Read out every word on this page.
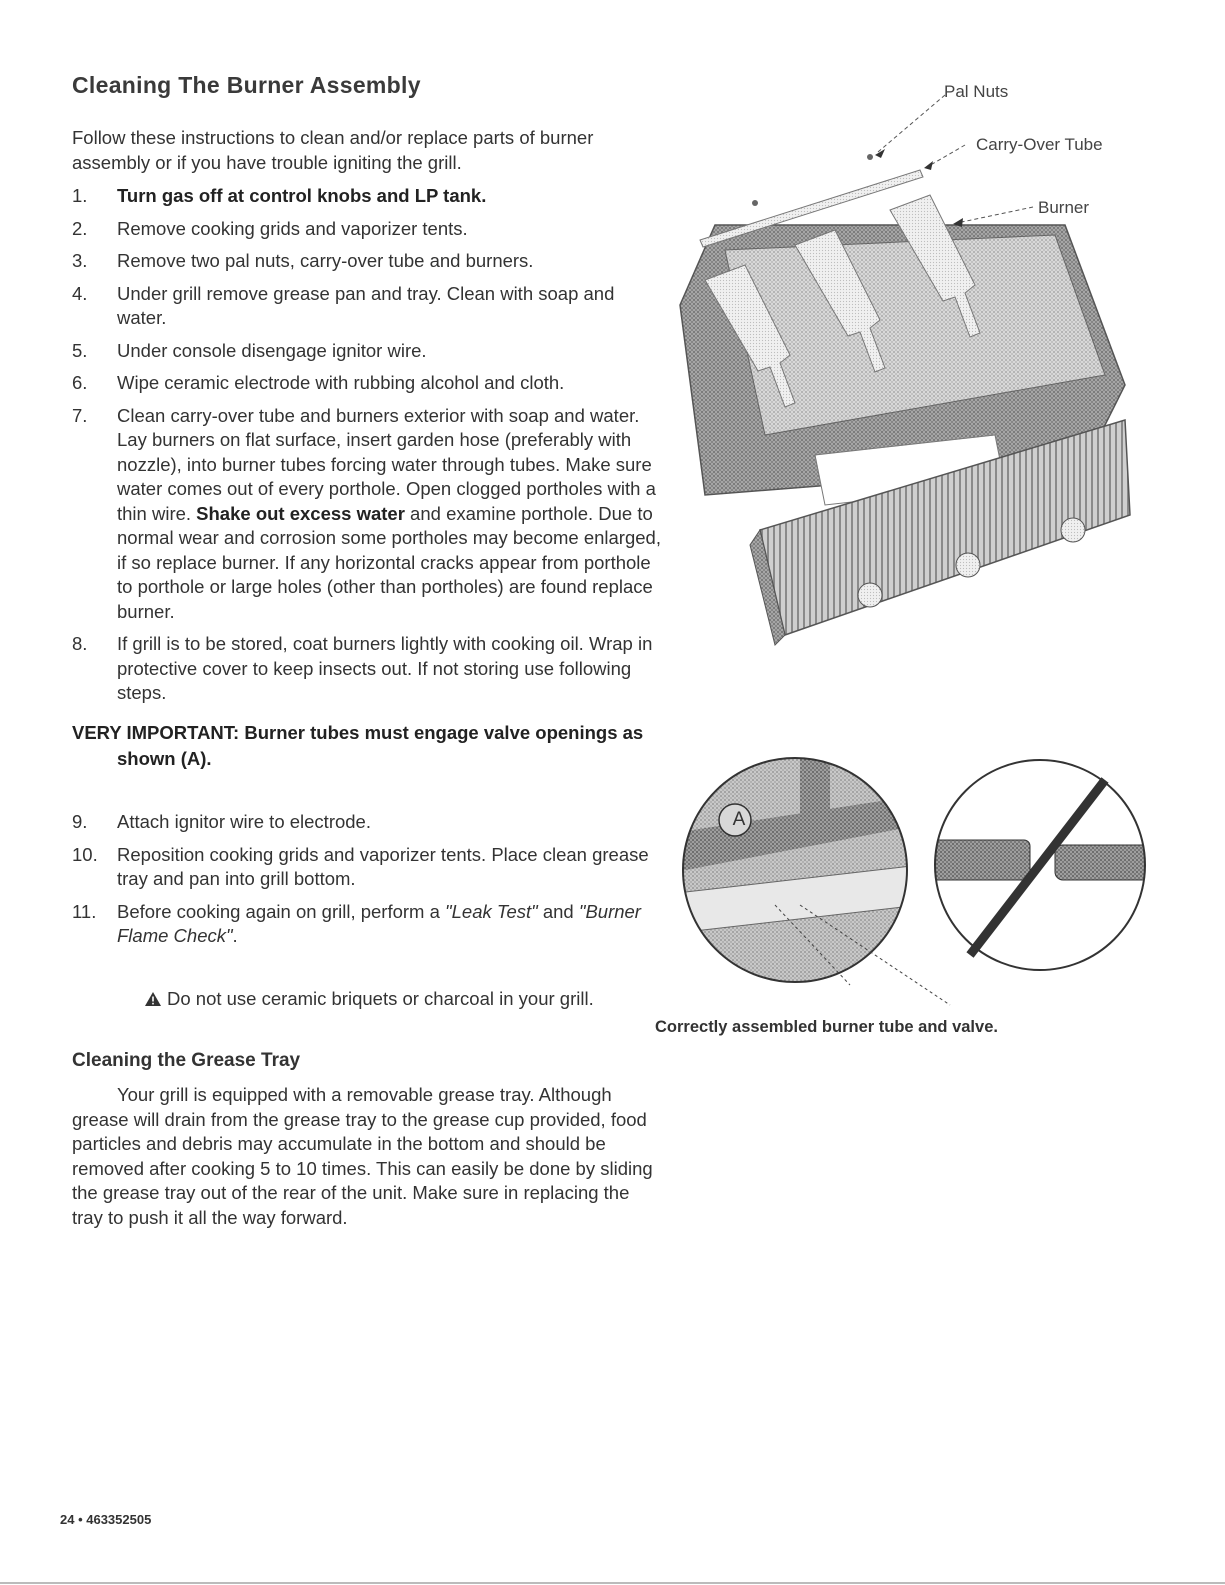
Cleaning The Burner Assembly
Follow these instructions to clean and/or replace parts of burner assembly or if you have trouble igniting the grill.
1. Turn gas off at control knobs and LP tank.
2. Remove cooking grids and vaporizer tents.
3. Remove two pal nuts, carry-over tube and burners.
4. Under grill remove grease pan and tray. Clean with soap and water.
5. Under console disengage ignitor wire.
6. Wipe ceramic electrode with rubbing alcohol and cloth.
7. Clean carry-over tube and burners exterior with soap and water. Lay burners on flat surface, insert garden hose (preferably with nozzle), into burner tubes forcing water through tubes. Make sure water comes out of every porthole. Open clogged portholes with a thin wire. Shake out excess water and examine porthole. Due to normal wear and corrosion some portholes may become enlarged, if so replace burner. If any horizontal cracks appear from porthole to porthole or large holes (other than portholes) are found replace burner.
8. If grill is to be stored, coat burners lightly with cooking oil. Wrap in protective cover to keep insects out. If not storing use following steps.
VERY IMPORTANT: Burner tubes must engage valve openings as
shown (A).
9. Attach ignitor wire to electrode.
10. Reposition cooking grids and vaporizer tents. Place clean grease tray and pan into grill bottom.
11. Before cooking again on grill, perform a "Leak Test" and "Burner Flame Check".
Do not use ceramic briquets or charcoal in your grill.
Pal Nuts
Carry-Over Tube
Burner
A
Correctly assembled burner tube and valve.
Cleaning the Grease Tray
Your grill is equipped with a removable grease tray. Although grease will drain from the grease tray to the grease cup provided, food particles and debris may accumulate in the bottom and should be removed after cooking 5 to 10 times. This can easily be done by sliding the grease tray out of the rear of the unit. Make sure in replacing the tray to push it all the way forward.
24 • 463352505
